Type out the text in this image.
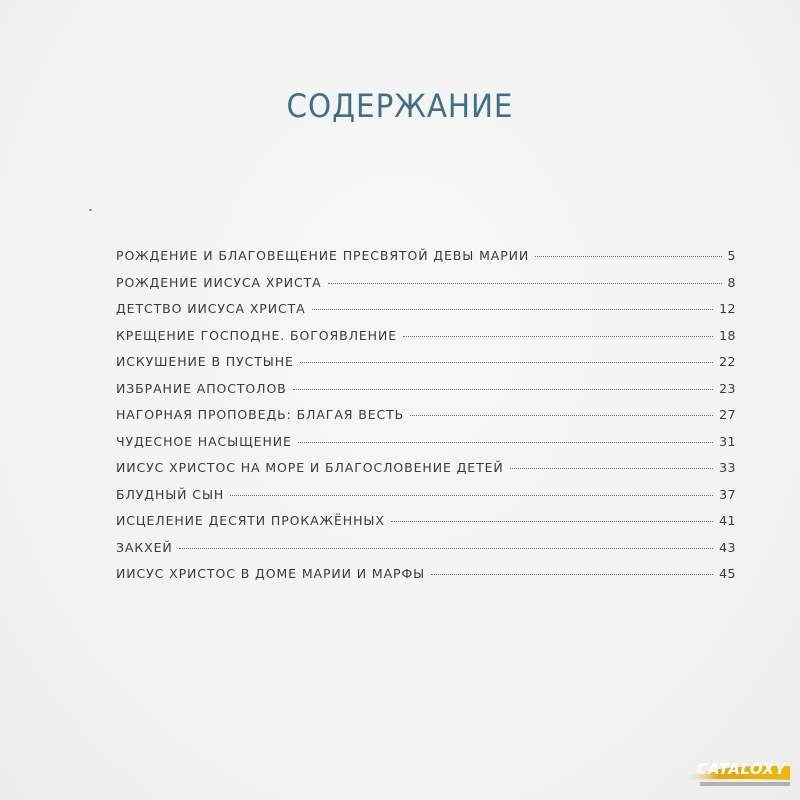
СОДЕРЖАНИЕ
РОЖДЕНИЕ И БЛАГОВЕЩЕНИЕ ПРЕСВЯТОЙ ДЕВЫ МАРИИ	5
РОЖДЕНИЕ ИИСУСА ХРИСТА	8
ДЕТСТВО ИИСУСА ХРИСТА	12
КРЕЩЕНИЕ ГОСПОДНЕ. БОГОЯВЛЕНИЕ	18
ИСКУШЕНИЕ В ПУСТЫНЕ	22
ИЗБРАНИЕ АПОСТОЛОВ	23
НАГОРНАЯ ПРОПОВЕДЬ: БЛАГАЯ ВЕСТЬ	27
ЧУДЕСНОЕ НАСЫЩЕНИЕ	31
ИИСУС ХРИСТОС НА МОРЕ И БЛАГОСЛОВЕНИЕ ДЕТЕЙ	33
БЛУДНЫЙ СЫН	37
ИСЦЕЛЕНИЕ ДЕСЯТИ ПРОКАЖЁННЫХ	41
ЗАКХЕЙ	43
ИИСУС ХРИСТОС В ДОМЕ МАРИИ И МАРФЫ	45
CATALOXY
интернет-магазин книг
